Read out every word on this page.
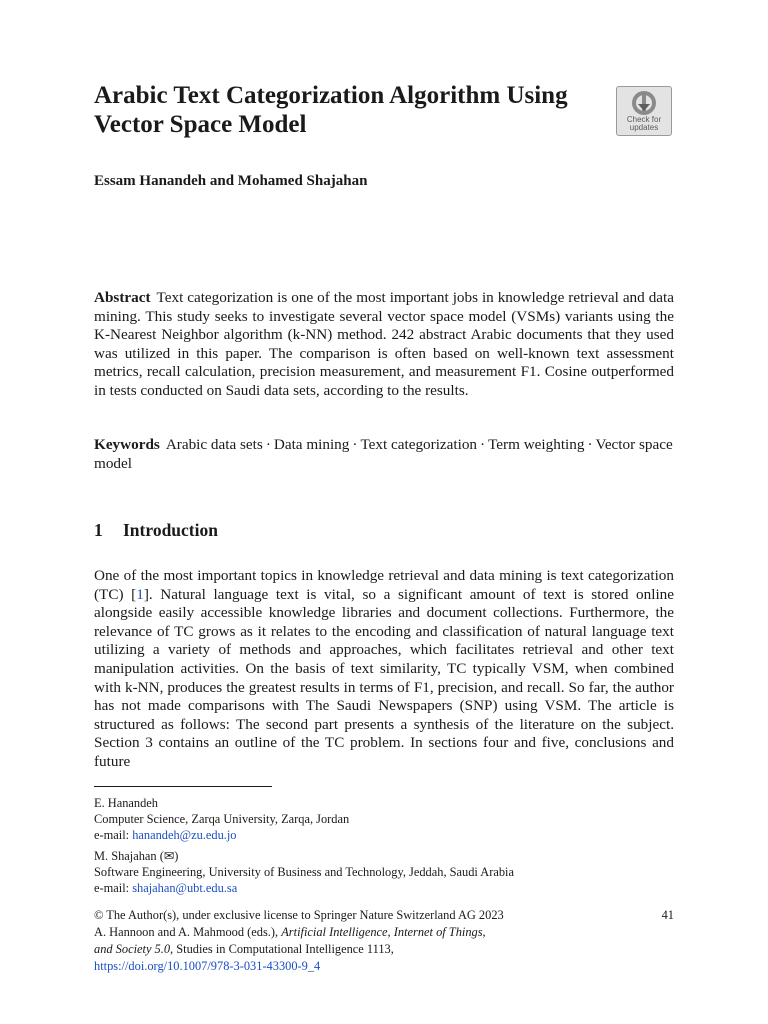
Arabic Text Categorization Algorithm Using Vector Space Model	Check for
updates

Essam Hanandeh and Mohamed Shajahan

Abstract Text categorization is one of the most important jobs in knowledge retrieval and data mining. This study seeks to investigate several vector space model (VSMs) variants using the K-Nearest Neighbor algorithm (k-NN) method. 242 abstract Arabic documents that they used was utilized in this paper. The comparison is often based on well-known text assessment metrics, recall calculation, precision measurement, and measurement F1. Cosine outperformed in tests conducted on Saudi data sets, according to the results.

Keywords Arabic data sets · Data mining · Text categorization · Term weighting · Vector space model

1 Introduction

One of the most important topics in knowledge retrieval and data mining is text categorization (TC) [1]. Natural language text is vital, so a significant amount of text is stored online alongside easily accessible knowledge libraries and document collections. Furthermore, the relevance of TC grows as it relates to the encoding and classification of natural language text utilizing a variety of methods and approaches, which facilitates retrieval and other text manipulation activities. On the basis of text similarity, TC typically VSM, when combined with k-NN, produces the greatest results in terms of F1, precision, and recall. So far, the author has not made comparisons with The Saudi Newspapers (SNP) using VSM. The article is structured as follows: The second part presents a synthesis of the literature on the subject. Section 3 contains an outline of the TC problem. In sections four and five, conclusions and future

E. Hanandeh
Computer Science, Zarqa University, Zarqa, Jordan
e-mail: hanandeh@zu.edu.jo
M. Shajahan (✉)
Software Engineering, University of Business and Technology, Jeddah, Saudi Arabia
e-mail: shajahan@ubt.edu.sa
41
© The Author(s), under exclusive license to Springer Nature Switzerland AG 2023
A. Hannoon and A. Mahmood (eds.), Artificial Intelligence, Internet of Things,
and Society 5.0, Studies in Computational Intelligence 1113,
https://doi.org/10.1007/978-3-031-43300-9_4
